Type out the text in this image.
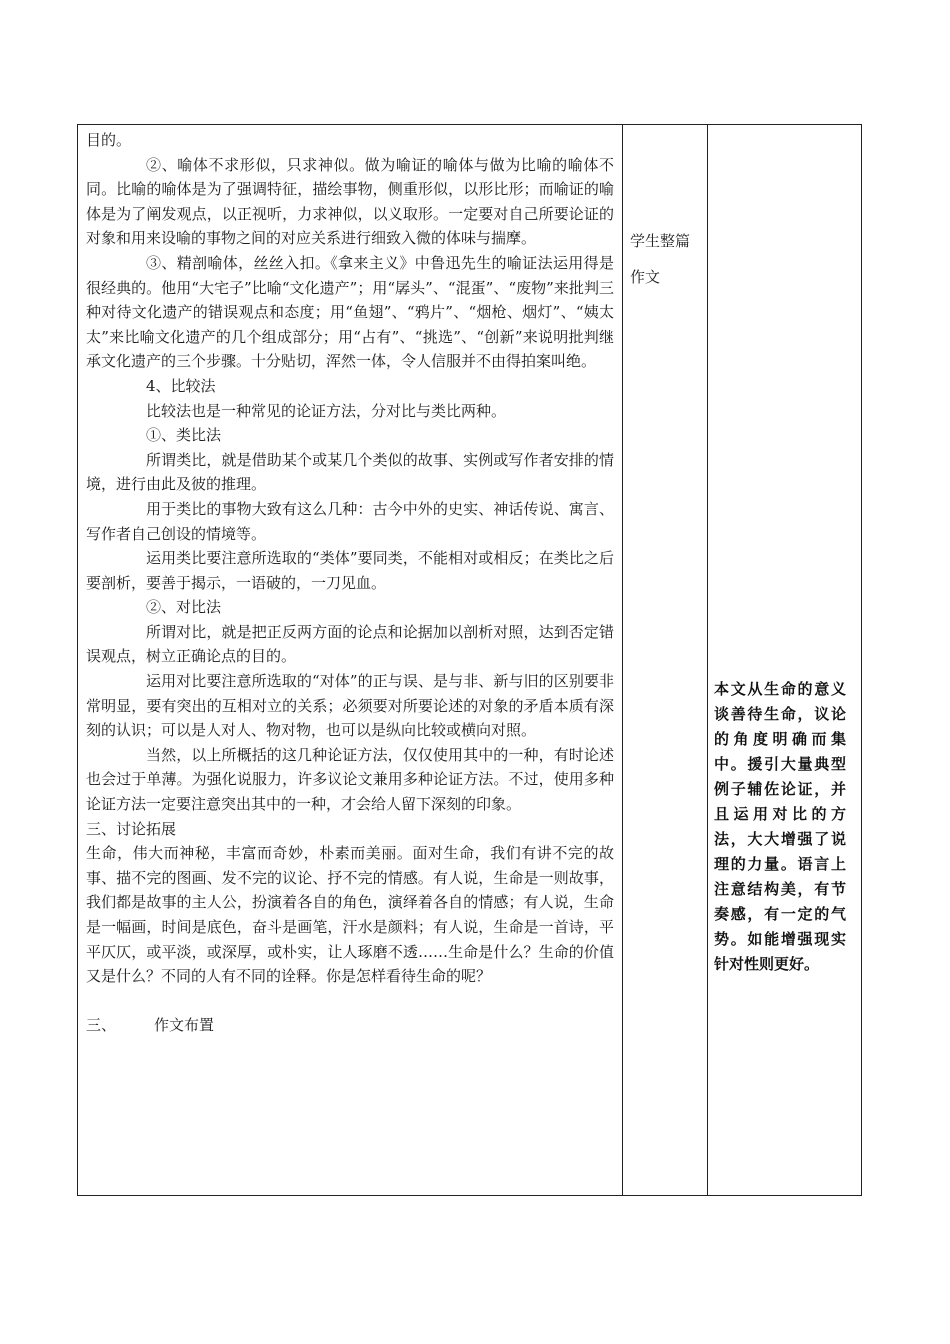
目的。

②、喻体不求形似，只求神似。做为喻证的喻体与做为比喻的喻体不同。比喻的喻体是为了强调特征，描绘事物，侧重形似，以形比形；而喻证的喻体是为了阐发观点，以正视听，力求神似，以义取形。一定要对自己所要论证的对象和用来设喻的事物之间的对应关系进行细致入微的体味与揣摩。

③、精剖喻体，丝丝入扣。《拿来主义》中鲁迅先生的喻证法运用得是很经典的。他用“大宅子”比喻“文化遗产”；用“孱头”、“混蛋”、“废物”来批判三种对待文化遗产的错误观点和态度；用“鱼翅”、“鸦片”、“烟枪、烟灯”、“姨太太”来比喻文化遗产的几个组成部分；用“占有”、“挑选”、“创新”来说明批判继承文化遗产的三个步骤。十分贴切，浑然一体，令人信服并不由得拍案叫绝。

4、比较法

比较法也是一种常见的论证方法，分对比与类比两种。

①、类比法

所谓类比，就是借助某个或某几个类似的故事、实例或写作者安排的情境，进行由此及彼的推理。

用于类比的事物大致有这么几种：古今中外的史实、神话传说、寓言、写作者自己创设的情境等。

运用类比要注意所选取的“类体”要同类，不能相对或相反；在类比之后要剖析，要善于揭示，一语破的，一刀见血。

②、对比法

所谓对比，就是把正反两方面的论点和论据加以剖析对照，达到否定错误观点，树立正确论点的目的。

运用对比要注意所选取的“对体”的正与误、是与非、新与旧的区别要非常明显，要有突出的互相对立的关系；必须要对所要论述的对象的矛盾本质有深刻的认识；可以是人对人、物对物，也可以是纵向比较或横向对照。

当然，以上所概括的这几种论证方法，仅仅使用其中的一种，有时论述也会过于单薄。为强化说服力，许多议论文兼用多种论证方法。不过，使用多种论证方法一定要注意突出其中的一种，才会给人留下深刻的印象。

三、讨论拓展

生命，伟大而神秘，丰富而奇妙，朴素而美丽。面对生命，我们有讲不完的故事、描不完的图画、发不完的议论、抒不完的情感。有人说，生命是一则故事，我们都是故事的主人公，扮演着各自的角色，演绎着各自的情感；有人说，生命是一幅画，时间是底色，奋斗是画笔，汗水是颜料；有人说，生命是一首诗，平平仄仄，或平淡，或深厚，或朴实，让人琢磨不透……生命是什么？生命的价值又是什么？不同的人有不同的诠释。你是怎样看待生命的呢？

三、	作文布置
学生整篇
作文
本文从生命的意义谈善待生命，议论的角度明确而集中。援引大量典型例子辅佐论证，并且运用对比的方法，大大增强了说理的力量。语言上注意结构美，有节奏感，有一定的气势。如能增强现实针对性则更好。
